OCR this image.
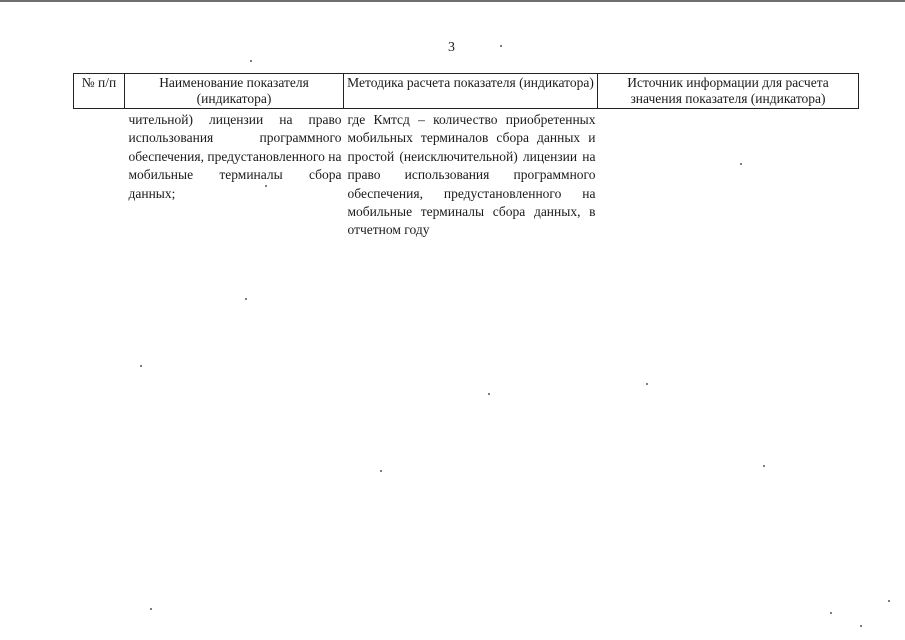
3
№ п/п	Наименование показателя (индикатора)	Методика расчета показателя (индикатора)	Источник информации для расчета значения показателя (индикатора)
	чительной) лицензии на право использования программного обеспечения, предустановленного на мобильные терминалы сбора данных;	где Кмтсд – количество приобретенных мобильных терминалов сбора данных и простой (неисключительной) лицензии на право использования программного обеспечения, предустановленного на мобильные терминалы сбора данных, в отчетном году	
